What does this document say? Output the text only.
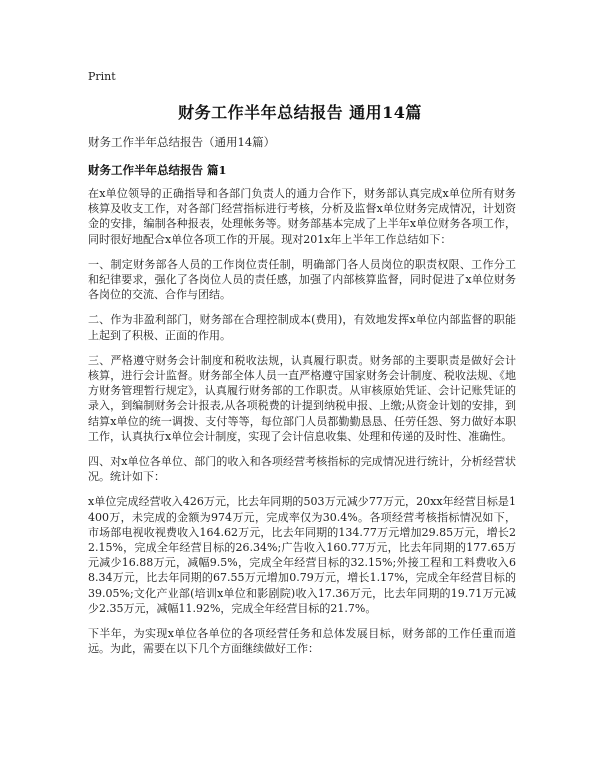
Print
财务工作半年总结报告 通用14篇
财务工作半年总结报告（通用14篇）
财务工作半年总结报告 篇1

在x单位领导的正确指导和各部门负责人的通力合作下，财务部认真完成x单位所有财务核算及收支工作，对各部门经营指标进行考核，分析及监督x单位财务完成情况，计划资金的安排，编制各种报表，处理帐务等。财务部基本完成了上半年x单位财务各项工作，同时很好地配合x单位各项工作的开展。现对201x年上半年工作总结如下：

一、制定财务部各人员的工作岗位责任制，明确部门各人员岗位的职责权限、工作分工和纪律要求，强化了各岗位人员的责任感，加强了内部核算监督，同时促进了x单位财务各岗位的交流、合作与团结。

二、作为非盈利部门，财务部在合理控制成本(费用)，有效地发挥x单位内部监督的职能上起到了积极、正面的作用。

三、严格遵守财务会计制度和税收法规，认真履行职责。财务部的主要职责是做好会计核算，进行会计监督。财务部全体人员一直严格遵守国家财务会计制度、税收法规、《地方财务管理暂行规定》，认真履行财务部的工作职责。从审核原始凭证、会计记账凭证的录入，到编制财务会计报表,从各项税费的计提到纳税申报、上缴;从资金计划的安排，到结算x单位的统一调拨、支付等等，每位部门人员都勤勤恳恳、任劳任怨、努力做好本职工作，认真执行x单位会计制度，实现了会计信息收集、处理和传递的及时性、准确性。

四、对x单位各单位、部门的收入和各项经营考核指标的完成情况进行统计，分析经营状况。统计如下：

x单位完成经营收入426万元，比去年同期的503万元减少77万元，20xx年经营目标是1400万，未完成的金额为974万元，完成率仅为30.4%。各项经营考核指标情况如下，市场部电视收视费收入164.62万元，比去年同期的134.77万元增加29.85万元，增长22.15%，完成全年经营目标的26.34%;广告收入160.77万元，比去年同期的177.65万元减少16.88万元，减幅9.5%，完成全年经营目标的32.15%;外接工程和工料费收入68.34万元，比去年同期的67.55万元增加0.79万元，增长1.17%，完成全年经营目标的39.05%;文化产业部(培训x单位和影剧院)收入17.36万元，比去年同期的19.71万元减少2.35万元，减幅11.92%，完成全年经营目标的21.7%。

下半年，为实现x单位各单位的各项经营任务和总体发展目标，财务部的工作任重而道远。为此，需要在以下几个方面继续做好工作：
